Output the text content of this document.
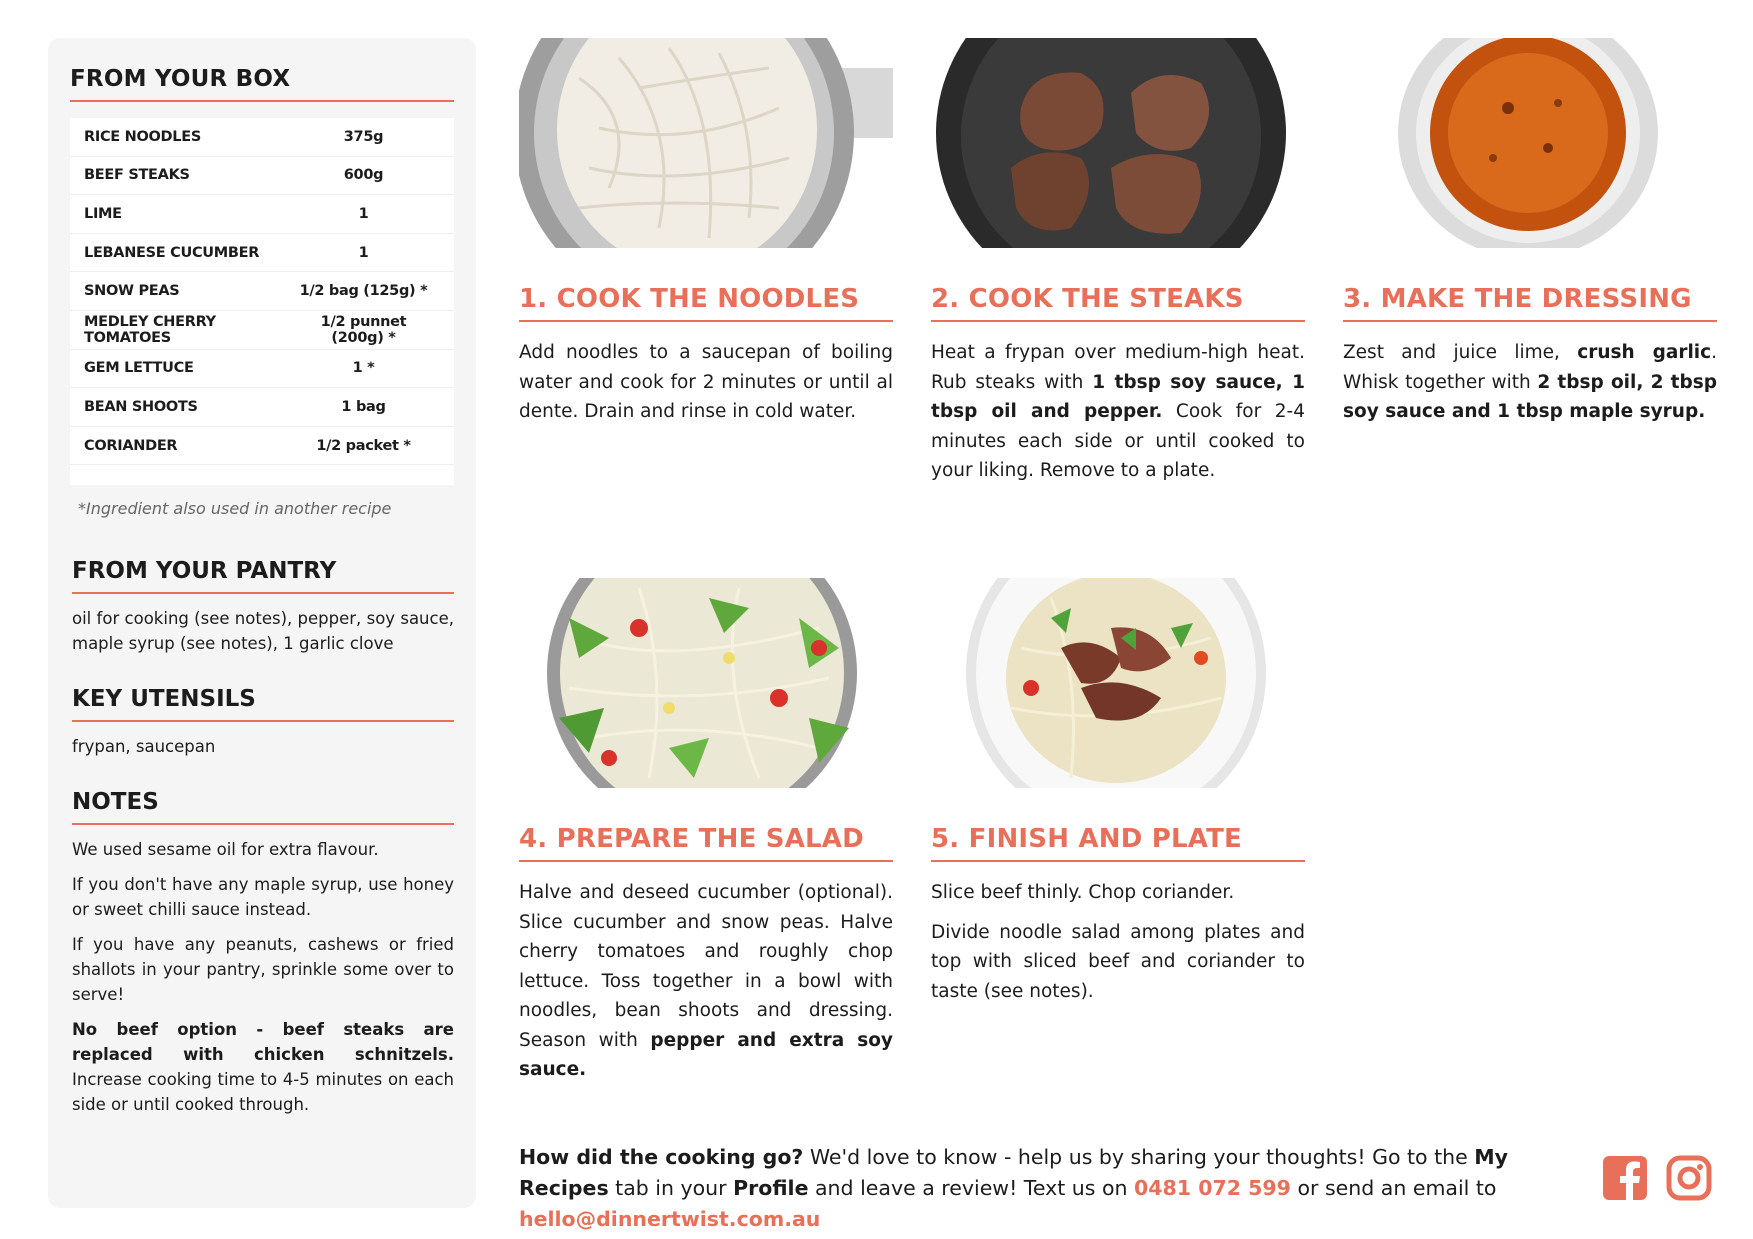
FROM YOUR BOX
RICE NOODLES	375g
BEEF STEAKS	600g
LIME	1
LEBANESE CUCUMBER	1
SNOW PEAS	1/2 bag (125g) *
MEDLEY CHERRY TOMATOES
1/2 punnet (200g) *
GEM LETTUCE	1 *
BEAN SHOOTS	1 bag
CORIANDER	1/2 packet *
*Ingredient also used in another recipe
FROM YOUR PANTRY
oil for cooking (see notes), pepper, soy sauce, maple syrup (see notes), 1 garlic clove
KEY UTENSILS
frypan, saucepan
NOTES

We used sesame oil for extra flavour.

If you don't have any maple syrup, use honey or sweet chilli sauce instead.

If you have any peanuts, cashews or fried shallots in your pantry, sprinkle some over to serve!

No beef option - beef steaks are replaced with chicken schnitzels. Increase cooking time to 4-5 minutes on each side or until cooked through.

1. COOK THE NOODLES
Add noodles to a saucepan of boiling water and cook for 2 minutes or until al dente. Drain and rinse in cold water.
2. COOK THE STEAKS
Heat a frypan over medium-high heat. Rub steaks with 1 tbsp soy sauce, 1 tbsp oil and pepper. Cook for 2-4 minutes each side or until cooked to your liking. Remove to a plate.
3. MAKE THE DRESSING
Zest and juice lime, crush garlic. Whisk together with 2 tbsp oil, 2 tbsp soy sauce and 1 tbsp maple syrup.
4. PREPARE THE SALAD
Halve and deseed cucumber (optional). Slice cucumber and snow peas. Halve cherry tomatoes and roughly chop lettuce. Toss together in a bowl with noodles, bean shoots and dressing. Season with pepper and extra soy sauce.
5. FINISH AND PLATE

Slice beef thinly. Chop coriander.

Divide noodle salad among plates and top with sliced beef and coriander to taste (see notes).

How did the cooking go? We'd love to know - help us by sharing your thoughts! Go to the My Recipes tab in your Profile and leave a review! Text us on 0481 072 599 or send an email to hello@dinnertwist.com.au
